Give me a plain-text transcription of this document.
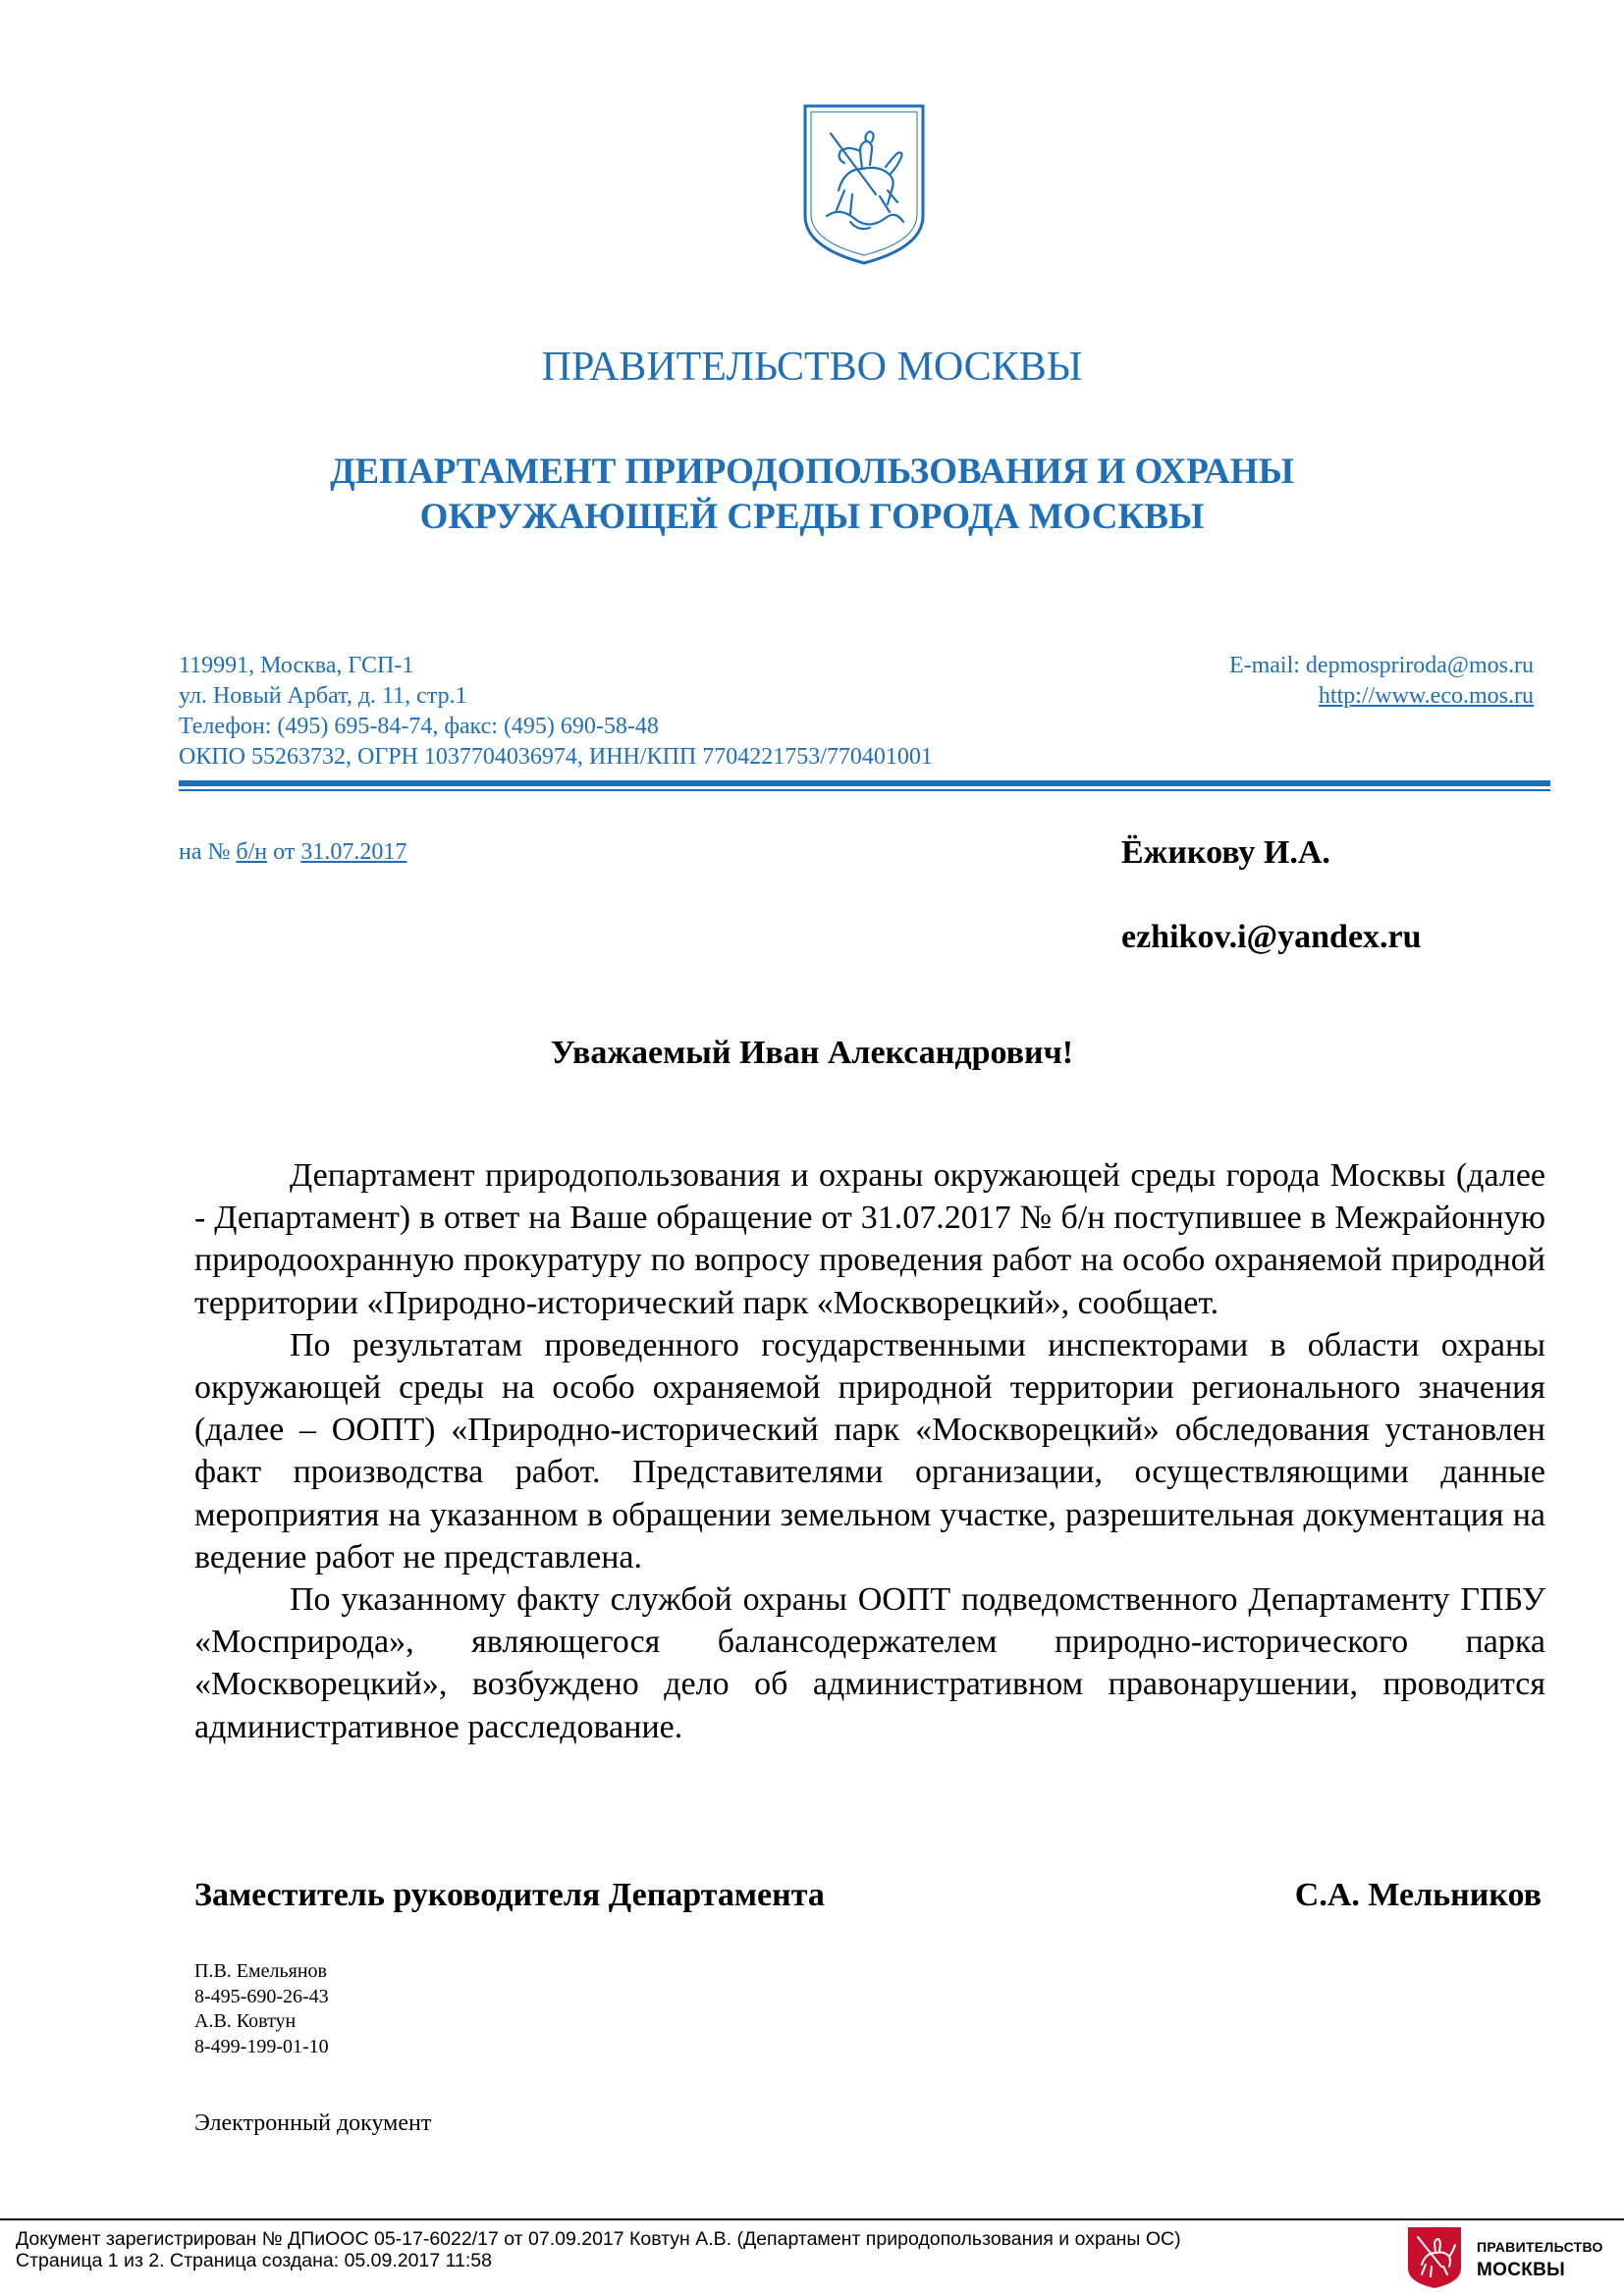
ПРАВИТЕЛЬСТВО МОСКВЫ
ДЕПАРТАМЕНТ ПРИРОДОПОЛЬЗОВАНИЯ И ОХРАНЫ
ОКРУЖАЮЩЕЙ СРЕДЫ ГОРОДА МОСКВЫ
119991, Москва, ГСП-1
ул. Новый Арбат, д. 11, стр.1
Телефон: (495) 695-84-74, факс: (495) 690-58-48
ОКПО 55263732, ОГРН 1037704036974, ИНН/КПП 7704221753/770401001
E-mail: depmospriroda@mos.ru
http://www.eco.mos.ru
на № б/н от 31.07.2017	Ёжикову И.А.
ezhikov.i@yandex.ru
Уважаемый Иван Александрович!

Департамент природопользования и охраны окружающей среды города Москвы (далее - Департамент) в ответ на Ваше обращение от 31.07.2017 № б/н поступившее в Межрайонную природоохранную прокуратуру по вопросу проведения работ на особо охраняемой природной территории «Природно-исторический парк «Москворецкий», сообщает.

По результатам проведенного государственными инспекторами в области охраны окружающей среды на особо охраняемой природной территории регионального значения (далее – ООПТ) «Природно-исторический парк «Москворецкий» обследования установлен факт производства работ. Представителями организации, осуществляющими данные мероприятия на указанном в обращении земельном участке, разрешительная документация на ведение работ не представлена.

По указанному факту службой охраны ООПТ подведомственного Департаменту ГПБУ «Мосприрода», являющегося балансодержателем природно-исторического парка «Москворецкий», возбуждено дело об административном правонарушении, проводится административное расследование.

Заместитель руководителя Департамента	С.А. Мельников
П.В. Емельянов
8-495-690-26-43
А.В. Ковтун
8-499-199-01-10
Электронный документ
Документ зарегистрирован № ДПиООС 05-17-6022/17 от 07.09.2017 Ковтун А.В. (Департамент природопользования и охраны ОС)
Страница 1 из 2. Страница создана: 05.09.2017 11:58
ПРАВИТЕЛЬСТВО
МОСКВЫ
